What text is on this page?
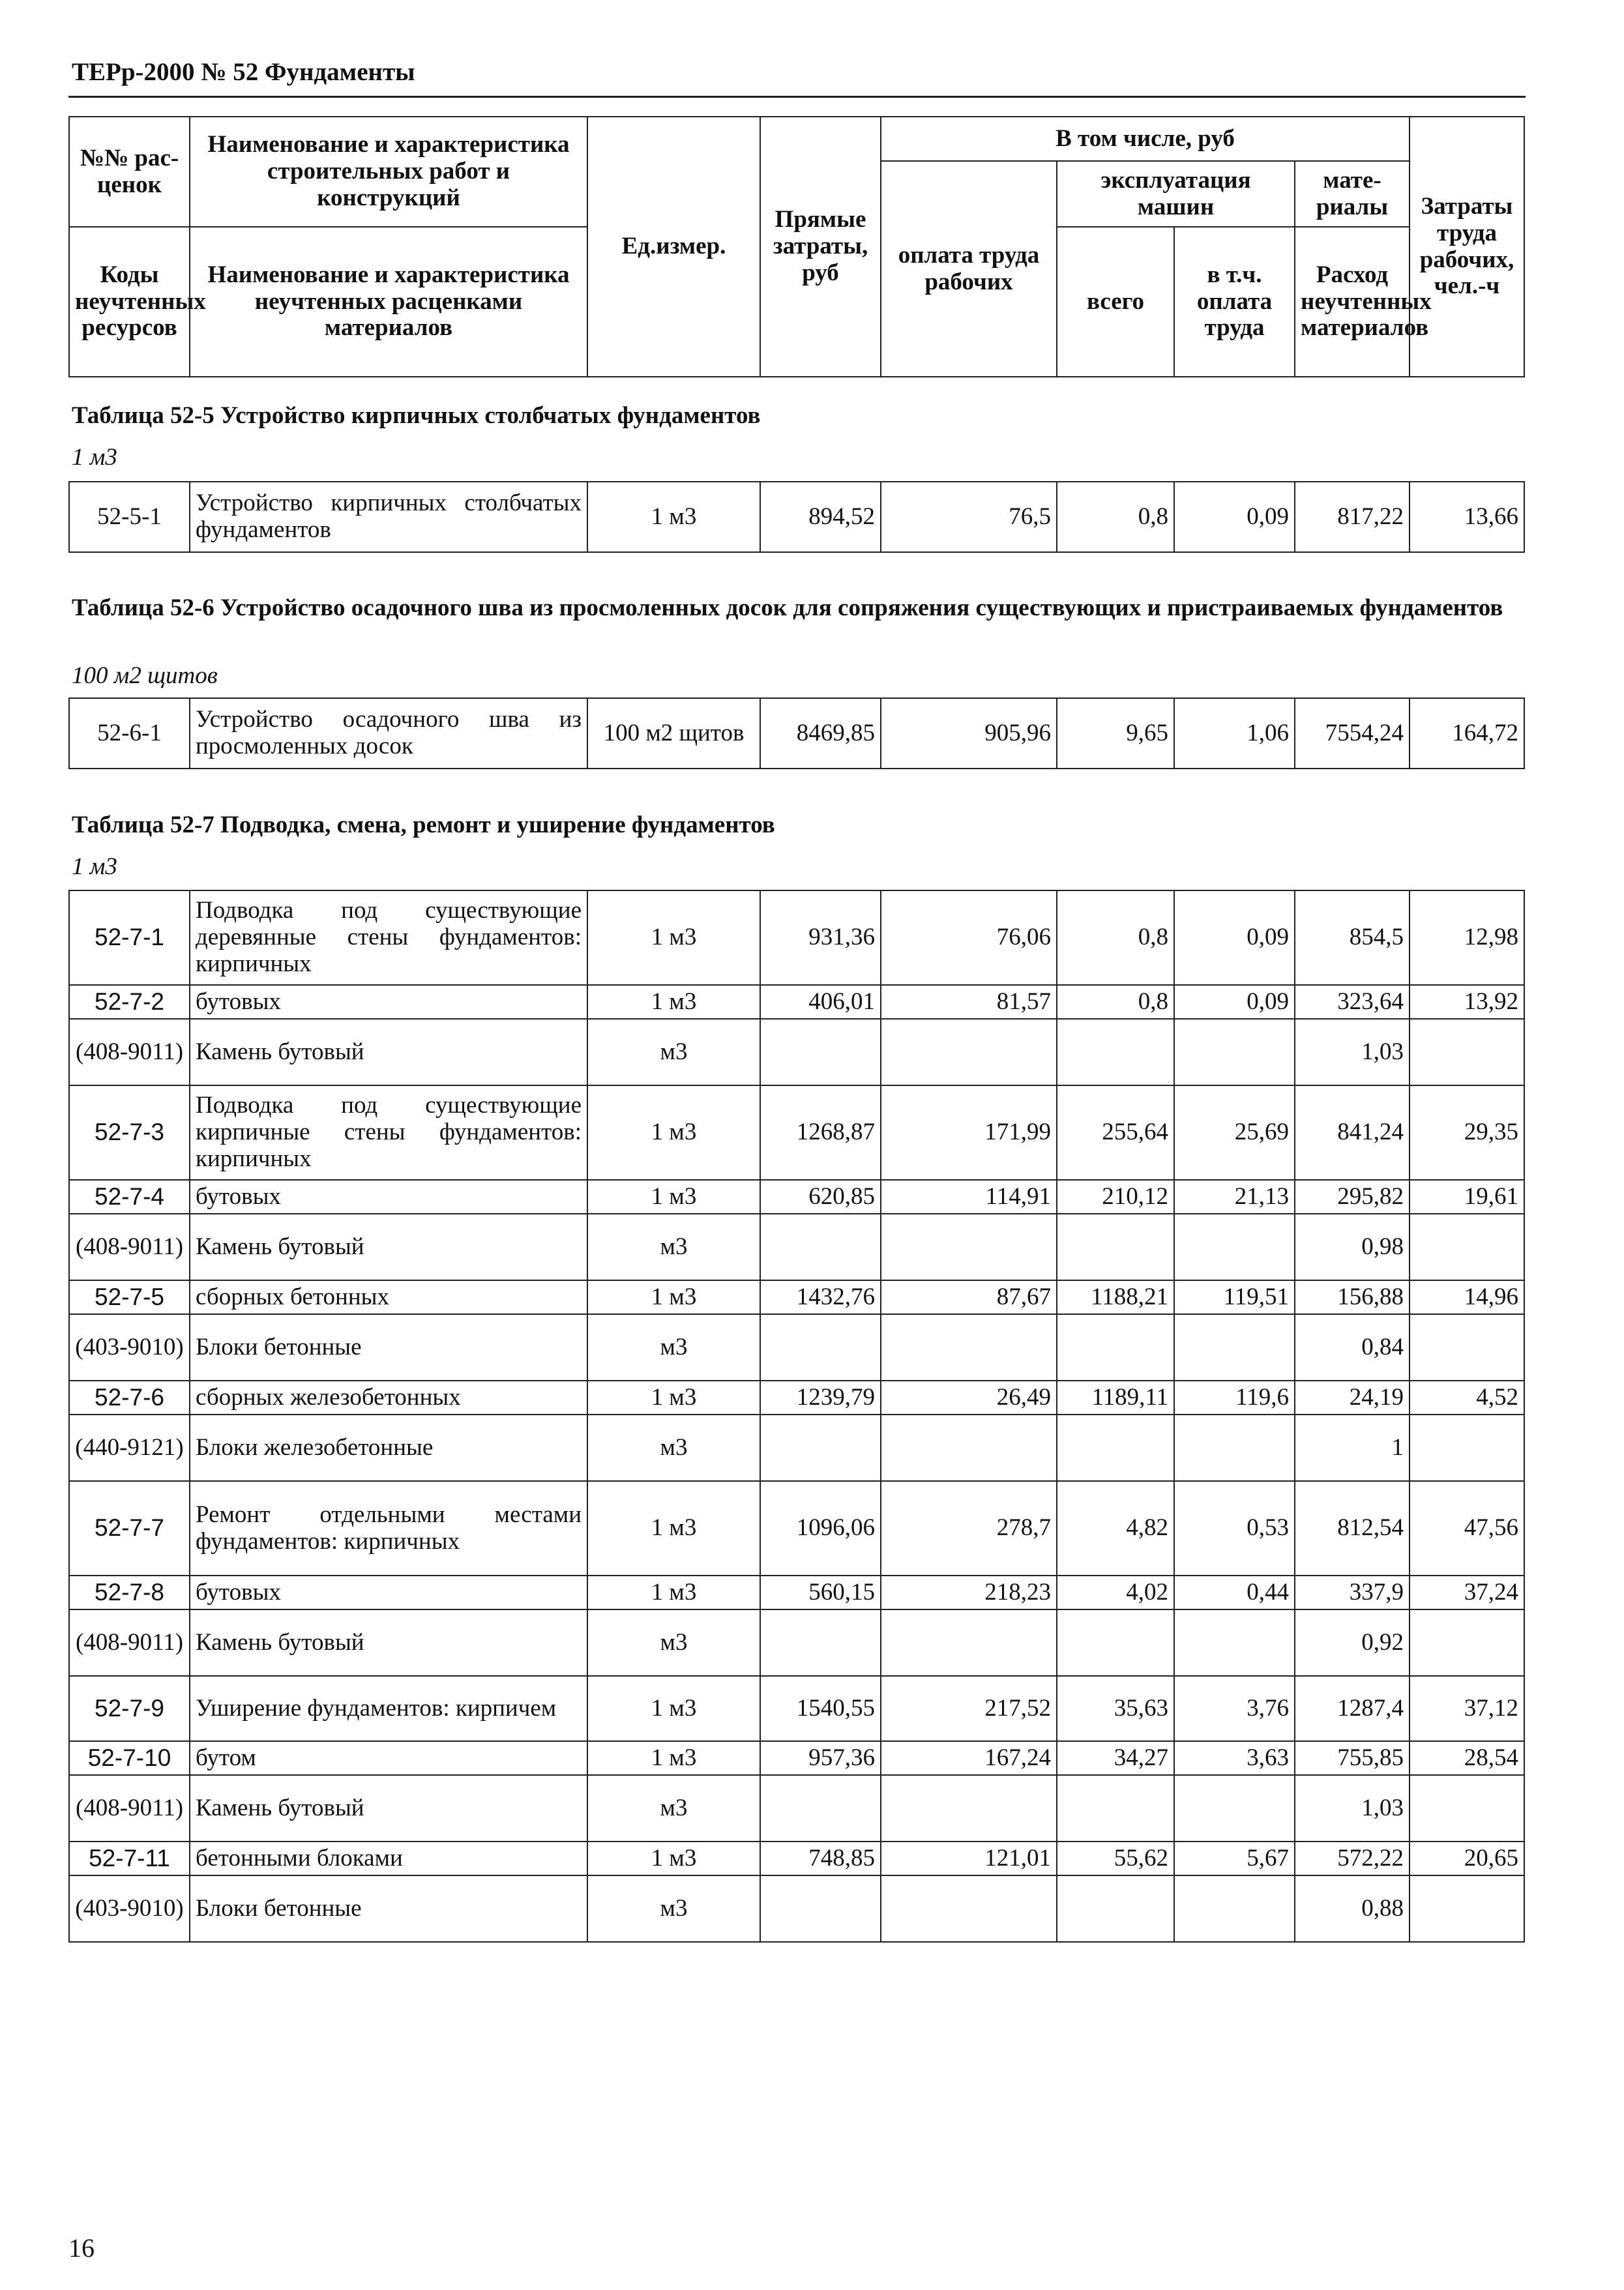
ТЕРр-2000 № 52 Фундаменты
№№ рас-ценок	Наименование и характеристика строительных работ и конструкций	Ед.измер.	Прямые затраты, руб	В том числе, руб				Затраты труда рабочих, чел.-ч
				оплата труда рабочих	эксплуатация машин		мате-риалы	

Коды неучтенных ресурсов	Наименование и характеристика неучтенных расценками материалов				всего	в т.ч. оплата труда	Расход неучтенных материалов	

Таблица 52-5 Устройство кирпичных столбчатых фундаментов
1 м3
52-5-1	Устройство кирпичных столбчатых фундаментов	1 м3	894,52	76,5	0,8	0,09	817,22	13,66
Таблица 52-6 Устройство осадочного шва из просмоленных досок для сопряжения существующих и пристраиваемых фундаментов
100 м2 щитов
52-6-1	Устройство осадочного шва из просмоленных досок	100 м2 щитов	8469,85	905,96	9,65	1,06	7554,24	164,72
Таблица 52-7 Подводка, смена, ремонт и уширение фундаментов
1 м3
52-7-1	Подводка под существующие деревянные стены фундаментов: кирпичных	1 м3	931,36	76,06	0,8	0,09	854,5	12,98
52-7-2	бутовых	1 м3	406,01	81,57	0,8	0,09	323,64	13,92
(408-9011)	Камень бутовый	м3					1,03	
52-7-3	Подводка под существующие кирпичные стены фундаментов: кирпичных	1 м3	1268,87	171,99	255,64	25,69	841,24	29,35
52-7-4	бутовых	1 м3	620,85	114,91	210,12	21,13	295,82	19,61
(408-9011)	Камень бутовый	м3					0,98	
52-7-5	сборных бетонных	1 м3	1432,76	87,67	1188,21	119,51	156,88	14,96
(403-9010)	Блоки бетонные	м3					0,84	
52-7-6	сборных железобетонных	1 м3	1239,79	26,49	1189,11	119,6	24,19	4,52
(440-9121)	Блоки железобетонные	м3					1	
52-7-7	Ремонт отдельными местами фундаментов: кирпичных	1 м3	1096,06	278,7	4,82	0,53	812,54	47,56
52-7-8	бутовых	1 м3	560,15	218,23	4,02	0,44	337,9	37,24
(408-9011)	Камень бутовый	м3					0,92	
52-7-9	Уширение фундаментов: кирпичем	1 м3	1540,55	217,52	35,63	3,76	1287,4	37,12
52-7-10	бутом	1 м3	957,36	167,24	34,27	3,63	755,85	28,54
(408-9011)	Камень бутовый	м3					1,03	
52-7-11	бетонными блоками	1 м3	748,85	121,01	55,62	5,67	572,22	20,65
(403-9010)	Блоки бетонные	м3					0,88	
16
